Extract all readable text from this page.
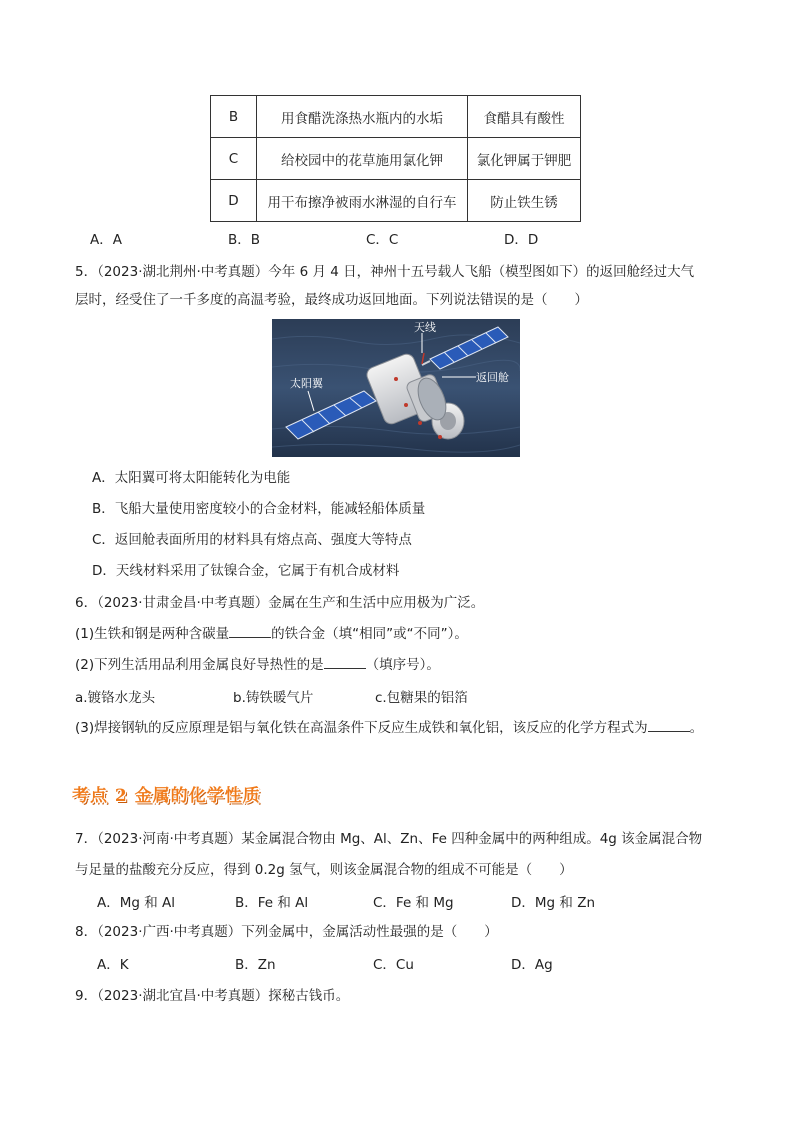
B	用食醋洗涤热水瓶内的水垢	食醋具有酸性
C	给校园中的花草施用氯化钾	氯化钾属于钾肥
D	用干布擦净被雨水淋湿的自行车	防止铁生锈
A．A	B．B	C．C	D．D
5．（2023·湖北荆州·中考真题）今年 6 月 4 日，神州十五号载人飞船（模型图如下）的返回舱经过大气
层时，经受住了一千多度的高温考验，最终成功返回地面。下列说法错误的是（　　）
天线
太阳翼	返回舱
A．太阳翼可将太阳能转化为电能
B．飞船大量使用密度较小的合金材料，能减轻船体质量
C．返回舱表面所用的材料具有熔点高、强度大等特点
D．天线材料采用了钛镍合金，它属于有机合成材料
6．（2023·甘肃金昌·中考真题）金属在生产和生活中应用极为广泛。
(1)生铁和钢是两种含碳量	的铁合金（填“相同”或“不同”）。
(2)下列生活用品利用金属良好导热性的是	（填序号）。
a.镀铬水龙头	b.铸铁暖气片	c.包糖果的铝箔
(3)焊接钢轨的反应原理是铝与氧化铁在高温条件下反应生成铁和氧化铝，该反应的化学方程式为	。
考点 2 金属的化学性质
7．（2023·河南·中考真题）某金属混合物由 Mg、Al、Zn、Fe 四种金属中的两种组成。4g 该金属混合物
与足量的盐酸充分反应，得到 0.2g 氢气，则该金属混合物的组成不可能是（　　）
A．Mg 和 Al	B．Fe 和 Al	C．Fe 和 Mg	D．Mg 和 Zn
8．（2023·广西·中考真题）下列金属中，金属活动性最强的是（　　）
A．K	B．Zn	C．Cu	D．Ag
9．（2023·湖北宜昌·中考真题）探秘古钱币。
